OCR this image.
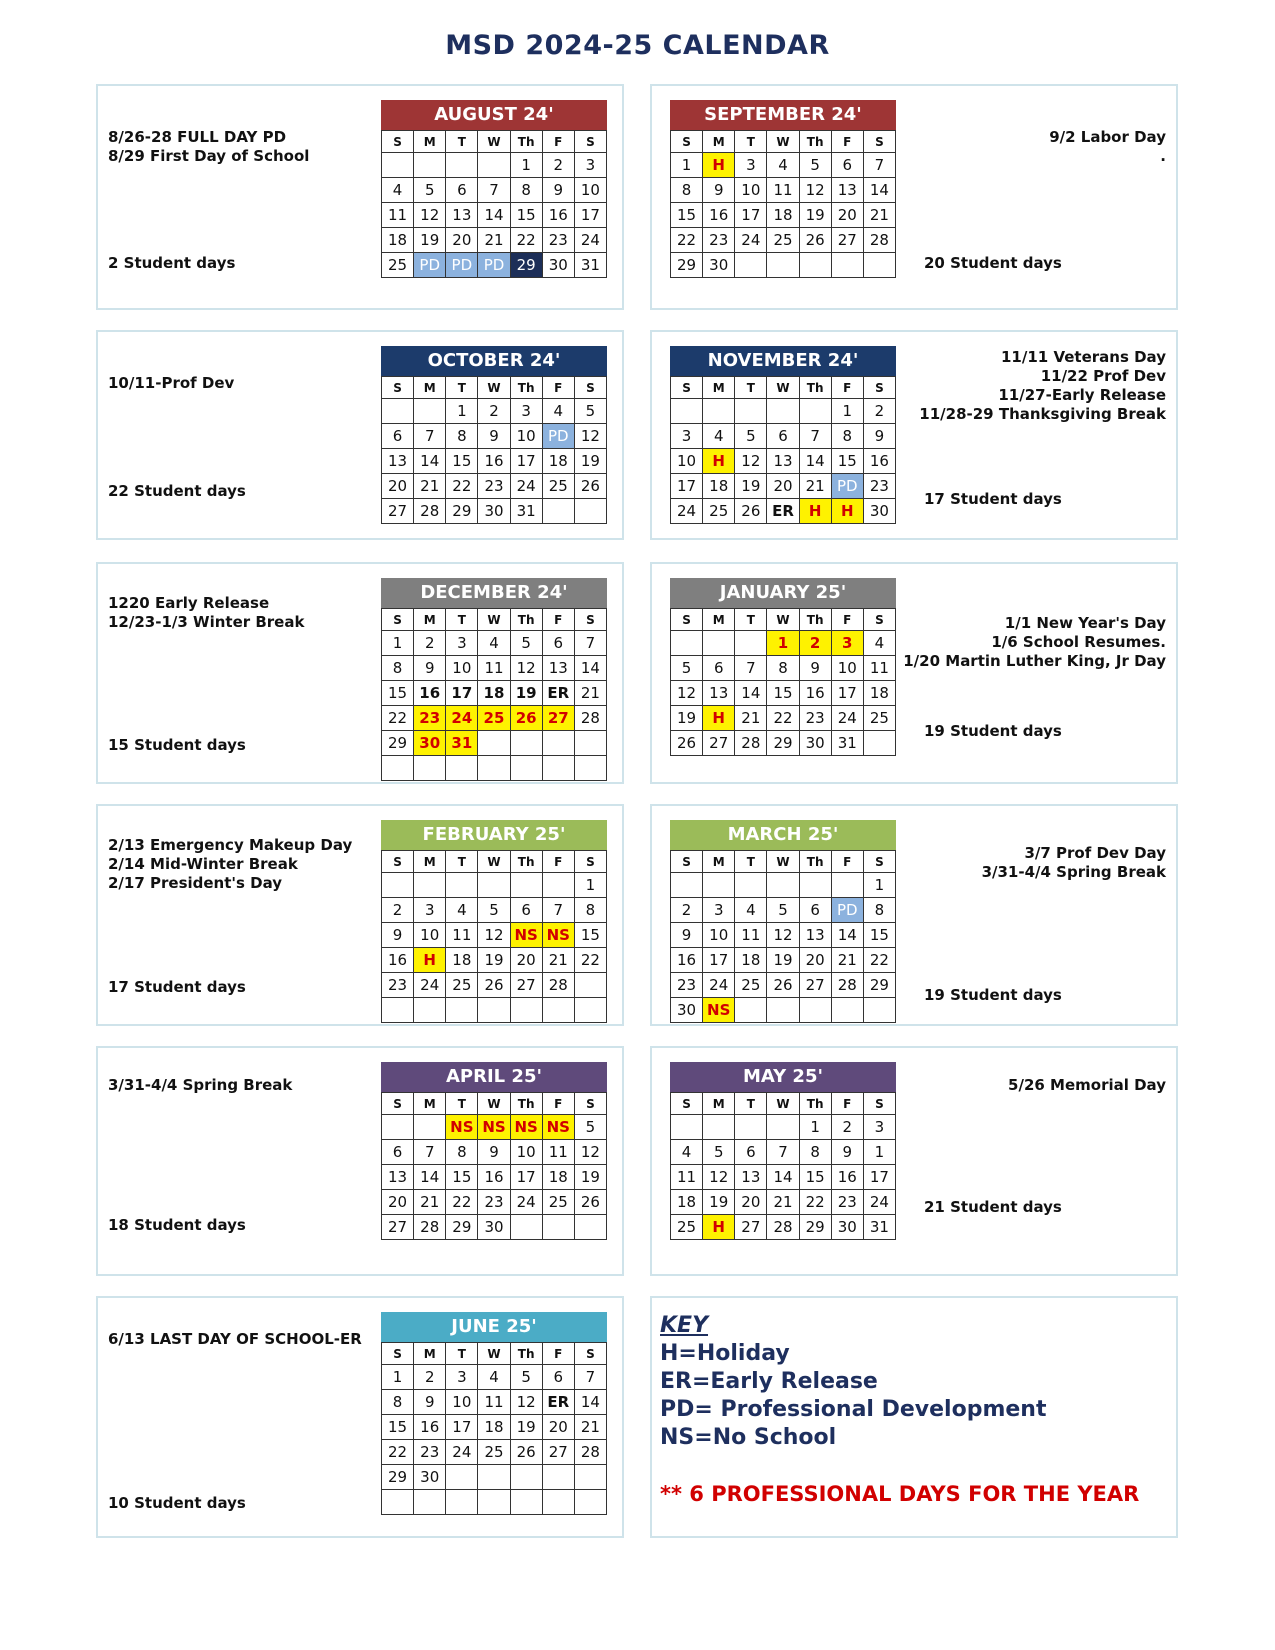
MSD 2024-25 CALENDAR
8/26-28 FULL DAY PD
8/29 First Day of School
2 Student days
AUGUST 24'
S	M	T	W	Th	F	S
				1	2	3
4	5	6	7	8	9	10
11	12	13	14	15	16	17
18	19	20	21	22	23	24
25	PD	PD	PD	29	30	31
9/2 Labor Day
.
20 Student days
SEPTEMBER 24'
S	M	T	W	Th	F	S
1	H	3	4	5	6	7
8	9	10	11	12	13	14
15	16	17	18	19	20	21
22	23	24	25	26	27	28
29	30					
10/11-Prof Dev
22 Student days
OCTOBER 24'
S	M	T	W	Th	F	S
		1	2	3	4	5
6	7	8	9	10	PD	12
13	14	15	16	17	18	19
20	21	22	23	24	25	26
27	28	29	30	31		
11/11 Veterans Day
11/22 Prof Dev
11/27-Early Release
11/28-29 Thanksgiving Break
17 Student days
NOVEMBER 24'
S	M	T	W	Th	F	S
					1	2
3	4	5	6	7	8	9
10	H	12	13	14	15	16
17	18	19	20	21	PD	23
24	25	26	ER	H	H	30
1220 Early Release
12/23-1/3 Winter Break
15 Student days
DECEMBER 24'
S	M	T	W	Th	F	S
1	2	3	4	5	6	7
8	9	10	11	12	13	14
15	16	17	18	19	ER	21
22	23	24	25	26	27	28
29	30	31				

1/1 New Year's Day
1/6 School Resumes.
1/20 Martin Luther King, Jr Day
19 Student days
JANUARY 25'
S	M	T	W	Th	F	S
			1	2	3	4
5	6	7	8	9	10	11
12	13	14	15	16	17	18
19	H	21	22	23	24	25
26	27	28	29	30	31	
2/13 Emergency Makeup Day
2/14 Mid-Winter Break
2/17 President's Day
17 Student days
FEBRUARY 25'
S	M	T	W	Th	F	S
						1
2	3	4	5	6	7	8
9	10	11	12	NS	NS	15
16	H	18	19	20	21	22
23	24	25	26	27	28	

3/7 Prof Dev Day
3/31-4/4 Spring Break
19 Student days
MARCH 25'
S	M	T	W	Th	F	S
						1
2	3	4	5	6	PD	8
9	10	11	12	13	14	15
16	17	18	19	20	21	22
23	24	25	26	27	28	29
30	NS					
3/31-4/4 Spring Break
18 Student days
APRIL 25'
S	M	T	W	Th	F	S
		NS	NS	NS	NS	5
6	7	8	9	10	11	12
13	14	15	16	17	18	19
20	21	22	23	24	25	26
27	28	29	30			
5/26 Memorial Day
21 Student days
MAY 25'
S	M	T	W	Th	F	S
				1	2	3
4	5	6	7	8	9	1
11	12	13	14	15	16	17
18	19	20	21	22	23	24
25	H	27	28	29	30	31
6/13 LAST DAY OF SCHOOL-ER
10 Student days
JUNE 25'
S	M	T	W	Th	F	S
1	2	3	4	5	6	7
8	9	10	11	12	ER	14
15	16	17	18	19	20	21
22	23	24	25	26	27	28
29	30					

KEY
H=Holiday
ER=Early Release
PD= Professional Development
NS=No School
** 6 PROFESSIONAL DAYS FOR THE YEAR
